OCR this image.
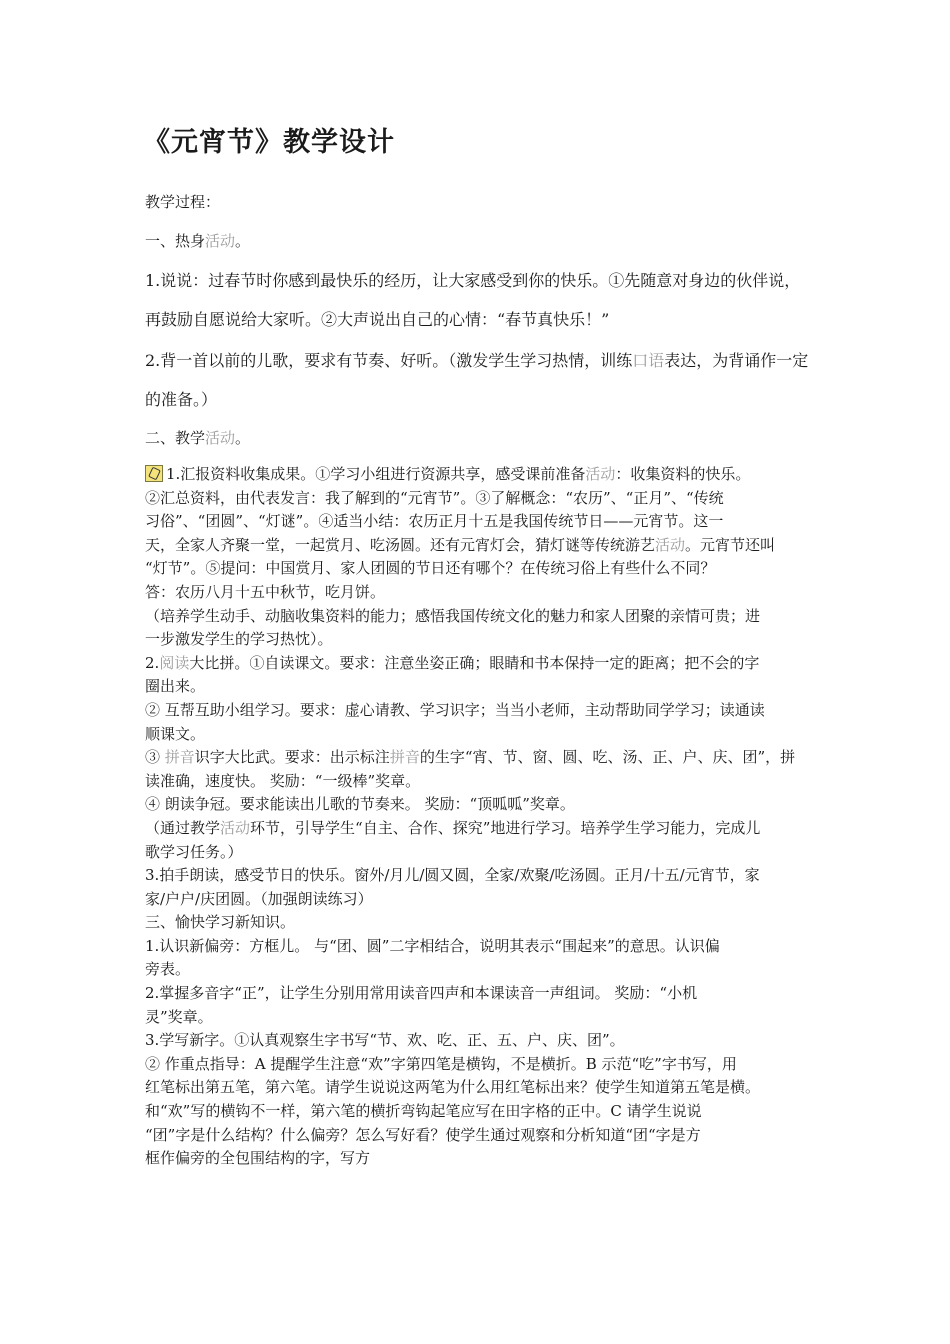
《元宵节》教学设计
教学过程：
一、热身活动。
1.说说：过春节时你感到最快乐的经历，让大家感受到你的快乐。①先随意对身边的伙伴说，
再鼓励自愿说给大家听。②大声说出自己的心情：“春节真快乐！”
2.背一首以前的儿歌，要求有节奏、好听。（激发学生学习热情，训练口语表达，为背诵作一定
的准备。）
二、教学活动。
1.汇报资料收集成果。①学习小组进行资源共享，感受课前准备活动：收集资料的快乐。
②汇总资料，由代表发言：我了解到的“元宵节”。③了解概念：“农历”、“正月”、“传统
习俗”、“团圆”、“灯谜”。④适当小结：农历正月十五是我国传统节日——元宵节。这一
天，全家人齐聚一堂，一起赏月、吃汤圆。还有元宵灯会，猜灯谜等传统游艺活动。元宵节还叫
“灯节”。⑤提问：中国赏月、家人团圆的节日还有哪个？在传统习俗上有些什么不同？
答：农历八月十五中秋节，吃月饼。
（培养学生动手、动脑收集资料的能力；感悟我国传统文化的魅力和家人团聚的亲情可贵；进
一步激发学生的学习热忱）。
2.阅读大比拼。①自读课文。要求：注意坐姿正确；眼睛和书本保持一定的距离；把不会的字
圈出来。
② 互帮互助小组学习。要求：虚心请教、学习识字；当当小老师，主动帮助同学学习；读通读
顺课文。
③ 拼音识字大比武。要求：出示标注拼音的生字“宵、节、窗、圆、吃、汤、正、户、庆、团”，拼
读准确，速度快。 奖励：“一级棒”奖章。
④ 朗读争冠。要求能读出儿歌的节奏来。 奖励：“顶呱呱”奖章。
（通过教学活动环节，引导学生“自主、合作、探究”地进行学习。培养学生学习能力，完成儿
歌学习任务。）
3.拍手朗读，感受节日的快乐。窗外/月儿/圆又圆，全家/欢聚/吃汤圆。正月/十五/元宵节，家
家/户户/庆团圆。（加强朗读练习）
三、愉快学习新知识。
1.认识新偏旁：方框儿。 与“团、圆”二字相结合，说明其表示“围起来”的意思。认识偏
旁表。
2.掌握多音字“正”，让学生分别用常用读音四声和本课读音一声组词。 奖励：“小机
灵”奖章。
3.学写新字。①认真观察生字书写“节、欢、吃、正、五、户、庆、团”。
② 作重点指导：A 提醒学生注意“欢”字第四笔是横钩，不是横折。B 示范“吃”字书写，用
红笔标出第五笔，第六笔。请学生说说这两笔为什么用红笔标出来？使学生知道第五笔是横。
和“欢”写的横钩不一样，第六笔的横折弯钩起笔应写在田字格的正中。C 请学生说说
“团”字是什么结构？什么偏旁？怎么写好看？使学生通过观察和分析知道“团“字是方
框作偏旁的全包围结构的字，写方
